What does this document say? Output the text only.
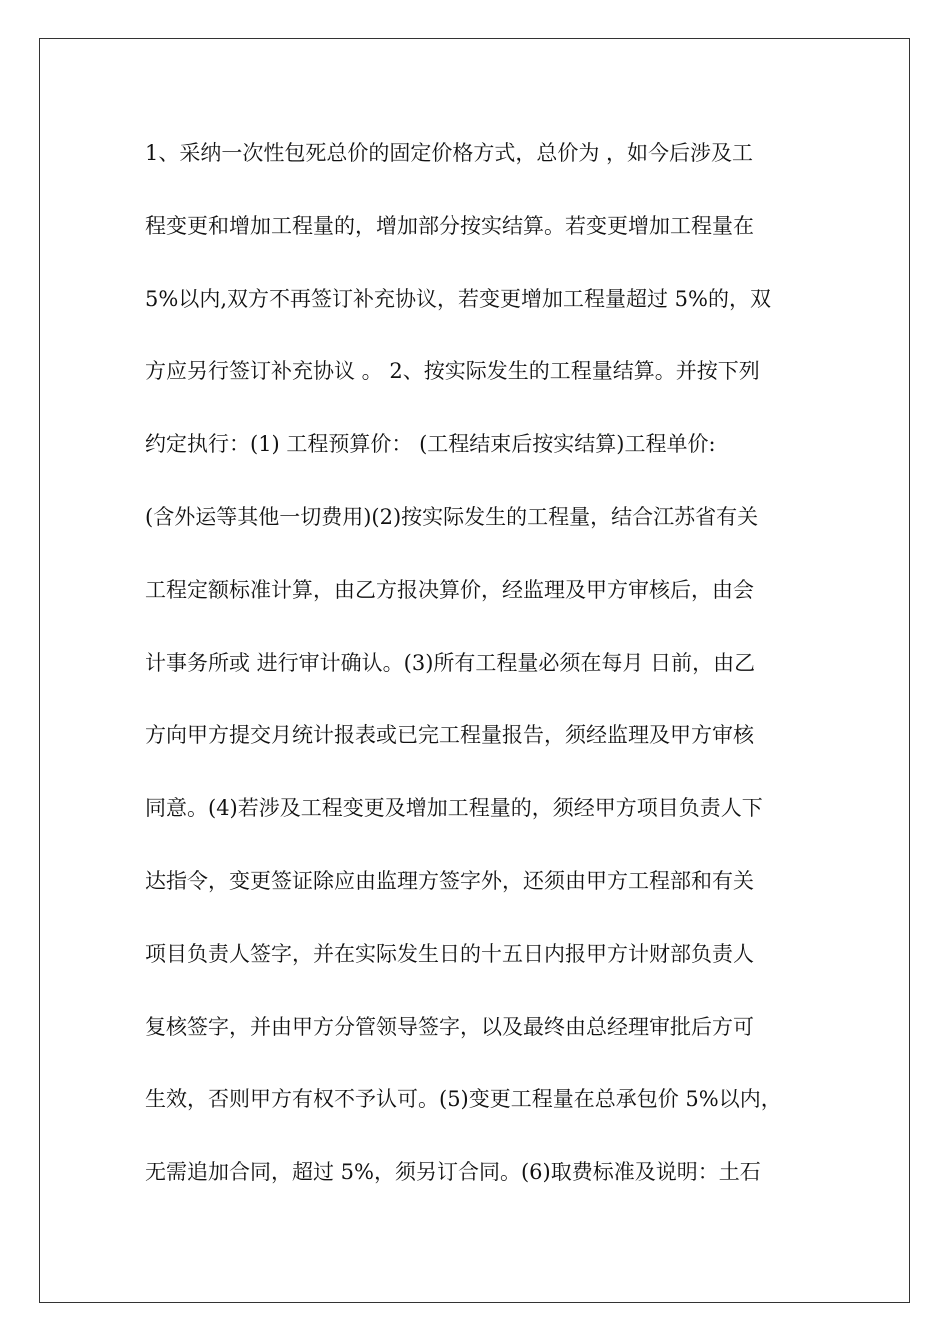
1、采纳一次性包死总价的固定价格方式，总价为 ，如今后涉及工
程变更和增加工程量的，增加部分按实结算。若变更增加工程量在
5%以内,双方不再签订补充协议，若变更增加工程量超过 5%的，双
方应另行签订补充协议 。 2、按实际发生的工程量结算。并按下列
约定执行：(1) 工程预算价： (工程结束后按实结算)工程单价:
(含外运等其他一切费用)(2)按实际发生的工程量，结合江苏省有关
工程定额标准计算，由乙方报决算价，经监理及甲方审核后，由会
计事务所或 进行审计确认。(3)所有工程量必须在每月 日前，由乙
方向甲方提交月统计报表或已完工程量报告，须经监理及甲方审核
同意。(4)若涉及工程变更及增加工程量的，须经甲方项目负责人下
达指令，变更签证除应由监理方签字外，还须由甲方工程部和有关
项目负责人签字，并在实际发生日的十五日内报甲方计财部负责人
复核签字，并由甲方分管领导签字，以及最终由总经理审批后方可
生效，否则甲方有权不予认可。(5)变更工程量在总承包价 5%以内，
无需追加合同，超过 5%，须另订合同。(6)取费标准及说明：土石
